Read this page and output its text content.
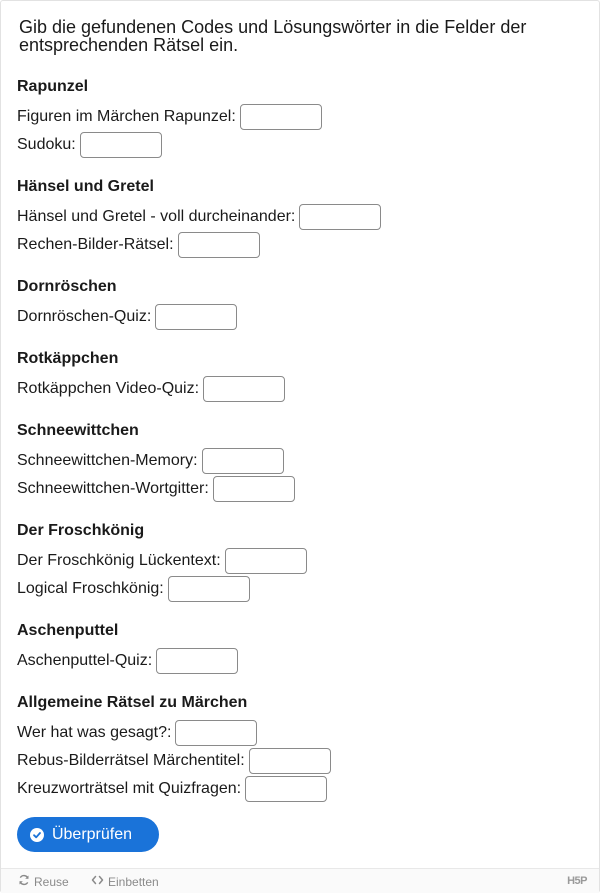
Gib die gefundenen Codes und Lösungswörter in die Felder der entsprechenden Rätsel ein.
Rapunzel
Figuren im Märchen Rapunzel:
Sudoku:
Hänsel und Gretel
Hänsel und Gretel - voll durcheinander:
Rechen-Bilder-Rätsel:
Dornröschen
Dornröschen-Quiz:
Rotkäppchen
Rotkäppchen Video-Quiz:
Schneewittchen
Schneewittchen-Memory:
Schneewittchen-Wortgitter:
Der Froschkönig
Der Froschkönig Lückentext:
Logical Froschkönig:
Aschenputtel
Aschenputtel-Quiz:
Allgemeine Rätsel zu Märchen
Wer hat was gesagt?:
Rebus-Bilderrätsel Märchentitel:
Kreuzworträtsel mit Quizfragen:
Überprüfen
Reuse	Einbetten	H5P
